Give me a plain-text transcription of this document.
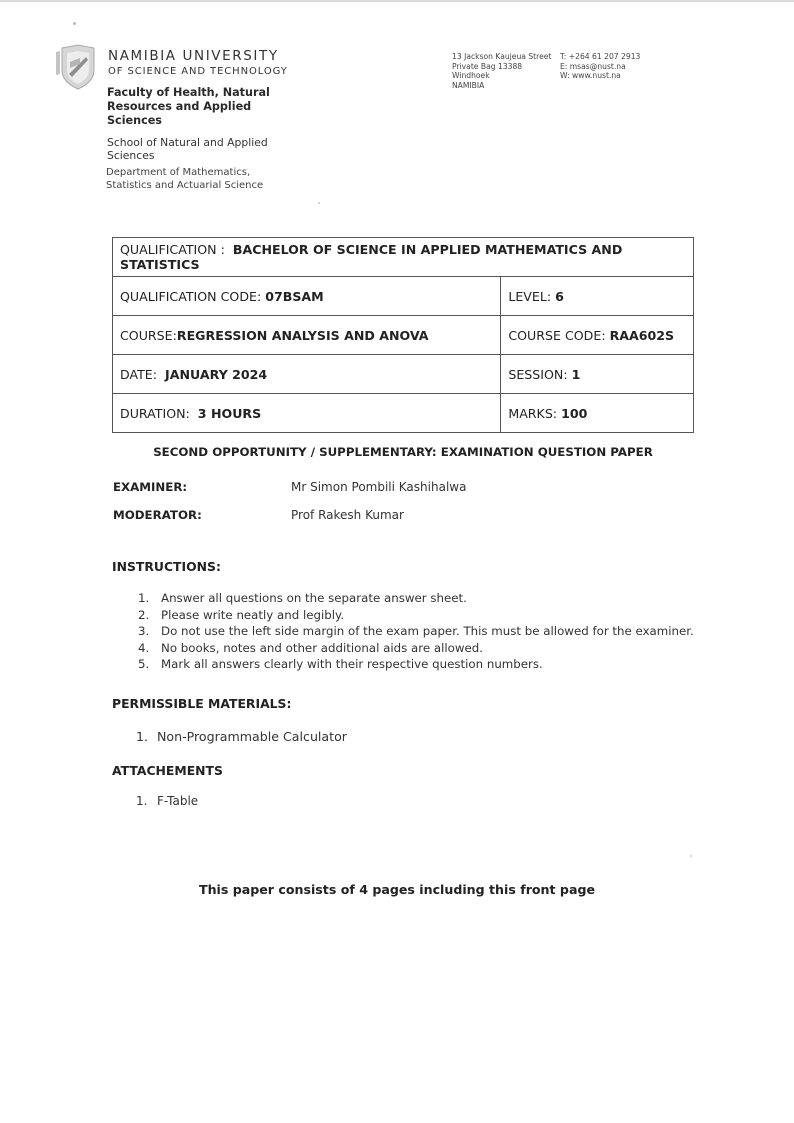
NAMIBIA UNIVERSITY
OF SCIENCE AND TECHNOLOGY
Faculty of Health, Natural Resources and Applied Sciences
School of Natural and Applied Sciences
Department of Mathematics, Statistics and Actuarial Science
13 Jackson Kaujeua Street
Private Bag 13388
Windhoek
NAMIBIA
T: +264 61 207 2913
E: msas@nust.na
W: www.nust.na
QUALIFICATION : BACHELOR OF SCIENCE IN APPLIED MATHEMATICS AND STATISTICS	
QUALIFICATION CODE: 07BSAM	LEVEL: 6
COURSE:REGRESSION ANALYSIS AND ANOVA	COURSE CODE: RAA602S
DATE: JANUARY 2024	SESSION: 1
DURATION: 3 HOURS	MARKS: 100
SECOND OPPORTUNITY / SUPPLEMENTARY: EXAMINATION QUESTION PAPER
EXAMINER:	Mr Simon Pombili Kashihalwa
MODERATOR:	Prof Rakesh Kumar
INSTRUCTIONS:
1. Answer all questions on the separate answer sheet.
2. Please write neatly and legibly.
3. Do not use the left side margin of the exam paper. This must be allowed for the examiner.
4. No books, notes and other additional aids are allowed.
5. Mark all answers clearly with their respective question numbers.
PERMISSIBLE MATERIALS:
1. Non-Programmable Calculator
ATTACHEMENTS
1. F-Table
This paper consists of 4 pages including this front page
